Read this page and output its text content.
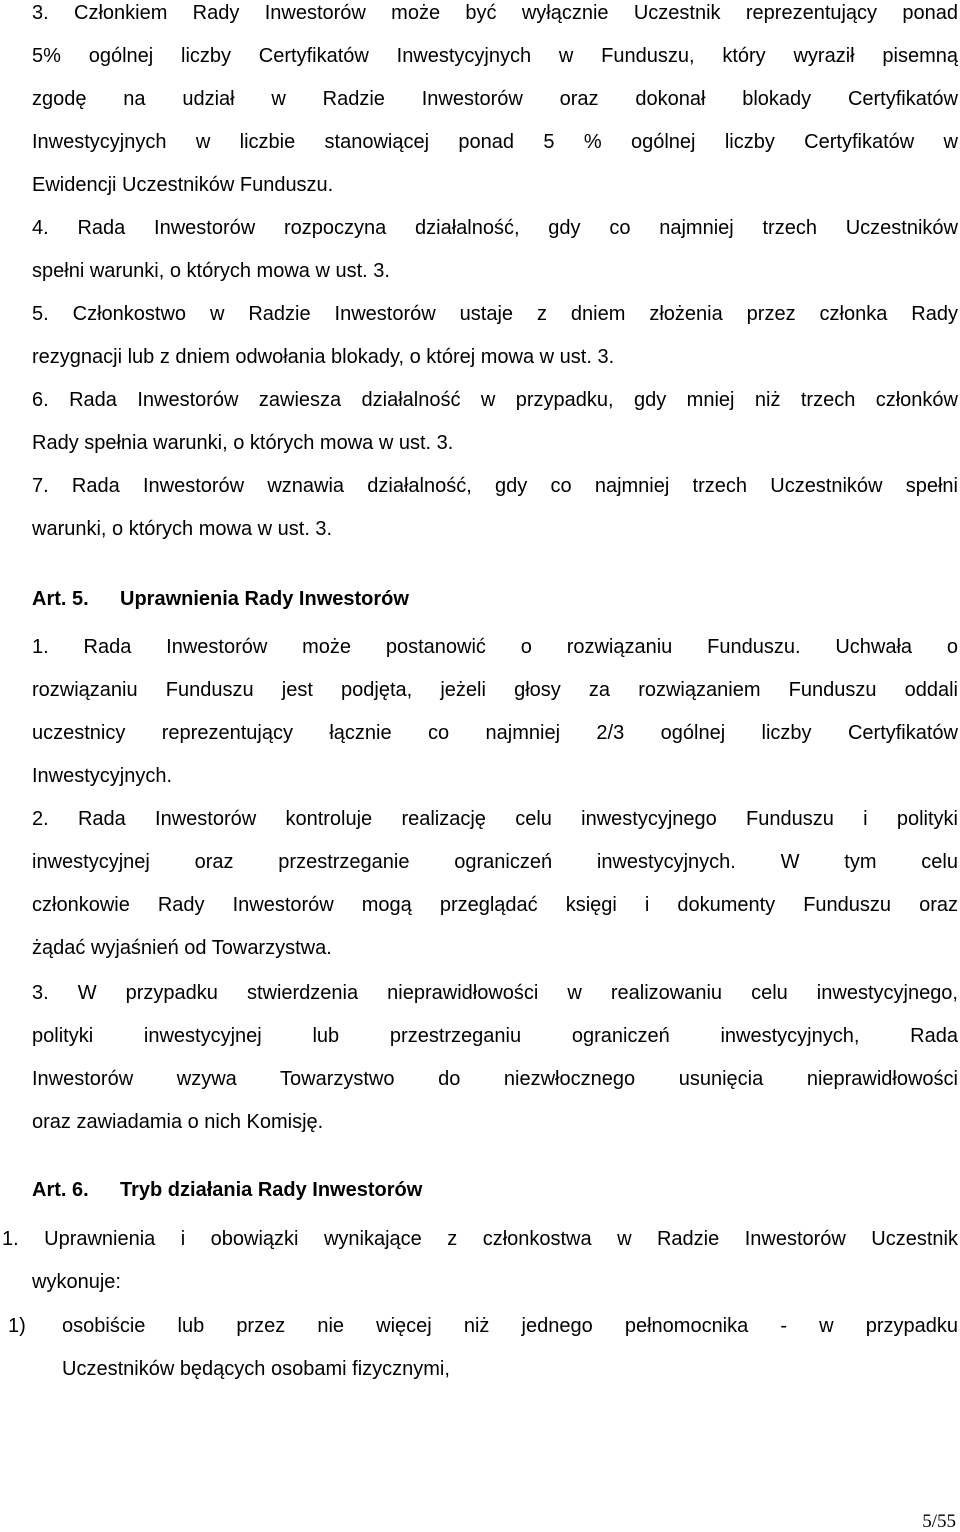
3. Członkiem Rady Inwestorów może być wyłącznie Uczestnik reprezentujący ponad
5% ogólnej liczby Certyfikatów Inwestycyjnych w Funduszu, który wyraził pisemną
zgodę na udział w Radzie Inwestorów oraz dokonał blokady Certyfikatów
Inwestycyjnych w liczbie stanowiącej ponad 5 % ogólnej liczby Certyfikatów w
Ewidencji Uczestników Funduszu.
4. Rada Inwestorów rozpoczyna działalność, gdy co najmniej trzech Uczestników
spełni warunki, o których mowa w ust. 3.
5. Członkostwo w Radzie Inwestorów ustaje z dniem złożenia przez członka Rady
rezygnacji lub z dniem odwołania blokady, o której mowa w ust. 3.
6. Rada Inwestorów zawiesza działalność w przypadku, gdy mniej niż trzech członków
Rady spełnia warunki, o których mowa w ust. 3.
7. Rada Inwestorów wznawia działalność, gdy co najmniej trzech Uczestników spełni
warunki, o których mowa w ust. 3.
Art. 5. Uprawnienia Rady Inwestorów
1. Rada Inwestorów może postanowić o rozwiązaniu Funduszu. Uchwała o
rozwiązaniu Funduszu jest podjęta, jeżeli głosy za rozwiązaniem Funduszu oddali
uczestnicy reprezentujący łącznie co najmniej 2/3 ogólnej liczby Certyfikatów
Inwestycyjnych.
2. Rada Inwestorów kontroluje realizację celu inwestycyjnego Funduszu i polityki
inwestycyjnej oraz przestrzeganie ograniczeń inwestycyjnych. W tym celu
członkowie Rady Inwestorów mogą przeglądać księgi i dokumenty Funduszu oraz
żądać wyjaśnień od Towarzystwa.
3. W przypadku stwierdzenia nieprawidłowości w realizowaniu celu inwestycyjnego,
polityki inwestycyjnej lub przestrzeganiu ograniczeń inwestycyjnych, Rada
Inwestorów wzywa Towarzystwo do niezwłocznego usunięcia nieprawidłowości
oraz zawiadamia o nich Komisję.
Art. 6. Tryb działania Rady Inwestorów
1. Uprawnienia i obowiązki wynikające z członkostwa w Radzie Inwestorów Uczestnik
wykonuje:
1) osobiście lub przez nie więcej niż jednego pełnomocnika - w przypadku
Uczestników będących osobami fizycznymi,
5/55
